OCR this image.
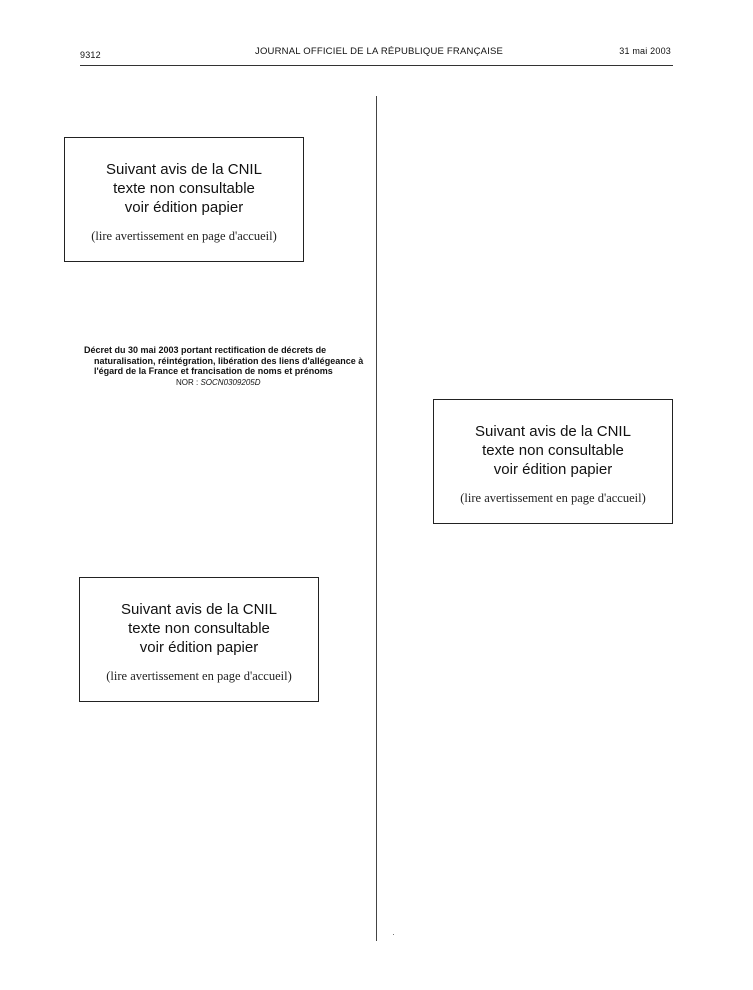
9312	JOURNAL OFFICIEL DE LA RÉPUBLIQUE FRANÇAISE	31 mai 2003
Suivant avis de la CNIL
texte non consultable
voir édition papier
(lire avertissement en page d'accueil)
Décret du 30 mai 2003 portant rectification de décrets de naturalisation, réintégration, libération des liens d'allégeance à l'égard de la France et francisation de noms et prénoms
NOR : SOCN0309205D
Suivant avis de la CNIL
texte non consultable
voir édition papier
(lire avertissement en page d'accueil)
Suivant avis de la CNIL
texte non consultable
voir édition papier
(lire avertissement en page d'accueil)
